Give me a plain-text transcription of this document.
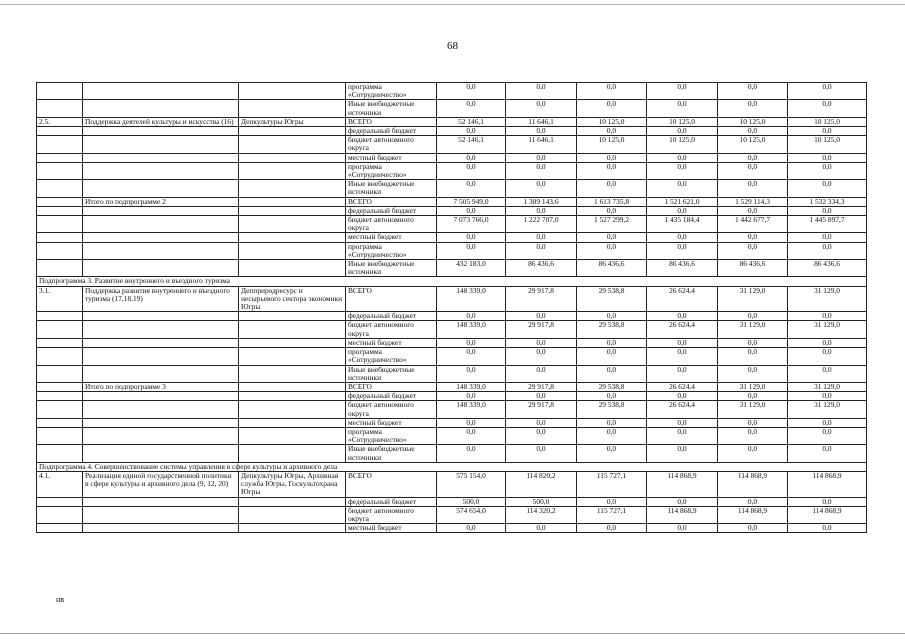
68
			программа «Сотрудничество»	0,0	0,0	0,0	0,0	0,0	0,0
			Иные внебюджетные источники	0,0	0,0	0,0	0,0	0,0	0,0
2.5.	Поддержка деятелей культуры и искусства (16)	Депкультуры Югры	ВСЕГО	52 146,1	11 646,1	10 125,0	10 125,0	10 125,0	10 125,0
			федеральный бюджет	0,0	0,0	0,0	0,0	0,0	0,0
			бюджет автономного округа	52 146,1	11 646,1	10 125,0	10 125,0	10 125,0	10 125,0
			местный бюджет	0,0	0,0	0,0	0,0	0,0	0,0
			программа «Сотрудничество»	0,0	0,0	0,0	0,0	0,0	0,0
			Иные внебюджетные источники	0,0	0,0	0,0	0,0	0,0	0,0
	Итого по подпрограмме 2		ВСЕГО	7 505 949,0	1 309 143,6	1 613 735,8	1 521 621,0	1 529 114,3	1 532 334,3
			федеральный бюджет	0,0	0,0	0,0	0,0	0,0	0,0
			бюджет автономного округа	7 073 766,0	1 222 707,0	1 527 299,2	1 435 184,4	1 442 677,7	1 445 897,7
			местный бюджет	0,0	0,0	0,0	0,0	0,0	0,0
			программа «Сотрудничество»	0,0	0,0	0,0	0,0	0,0	0,0
			Иные внебюджетные источники	432 183,0	86 436,6	86 436,6	86 436,6	86 436,6	86 436,6
Подпрограмма 3. Развитие внутреннего и въездного туризма									
3.1.	Поддержка развития внутреннего и въездного туризма (17,18,19)	Депприродресурс и несырьевого сектора экономики Югры	ВСЕГО	148 339,0	29 917,8	29 538,8	26 624,4	31 129,0	31 129,0
			федеральный бюджет	0,0	0,0	0,0	0,0	0,0	0,0
			бюджет автономного округа	148 339,0	29 917,8	29 538,8	26 624,4	31 129,0	31 129,0
			местный бюджет	0,0	0,0	0,0	0,0	0,0	0,0
			программа «Сотрудничество»	0,0	0,0	0,0	0,0	0,0	0,0
			Иные внебюджетные источники	0,0	0,0	0,0	0,0	0,0	0,0
	Итого по подпрограмме 3		ВСЕГО	148 339,0	29 917,8	29 538,8	26 624,4	31 129,0	31 129,0
			федеральный бюджет	0,0	0,0	0,0	0,0	0,0	0,0
			бюджет автономного округа	148 339,0	29 917,8	29 538,8	26 624,4	31 129,0	31 129,0
			местный бюджет	0,0	0,0	0,0	0,0	0,0	0,0
			программа «Сотрудничество»	0,0	0,0	0,0	0,0	0,0	0,0
			Иные внебюджетные источники	0,0	0,0	0,0	0,0	0,0	0,0
Подпрограмма 4. Совершенствование системы управления в сфере культуры и архивного дела									
4.1.	Реализация единой государственной политики в сфере культуры и архивного дела (9, 12, 20)	Депкультуры Югры, Архивная служба Югры, Госкультохрана Югры	ВСЕГО	575 154,0	114 820,2	115 727,1	114 868,9	114 868,9	114 868,9
			федеральный бюджет	500,0	500,0	0,0	0,0	0,0	0,0
			бюджет автономного округа	574 654,0	114 320,2	115 727,1	114 868,9	114 868,9	114 868,9
			местный бюджет	0,0	0,0	0,0	0,0	0,0	0,0
нв
